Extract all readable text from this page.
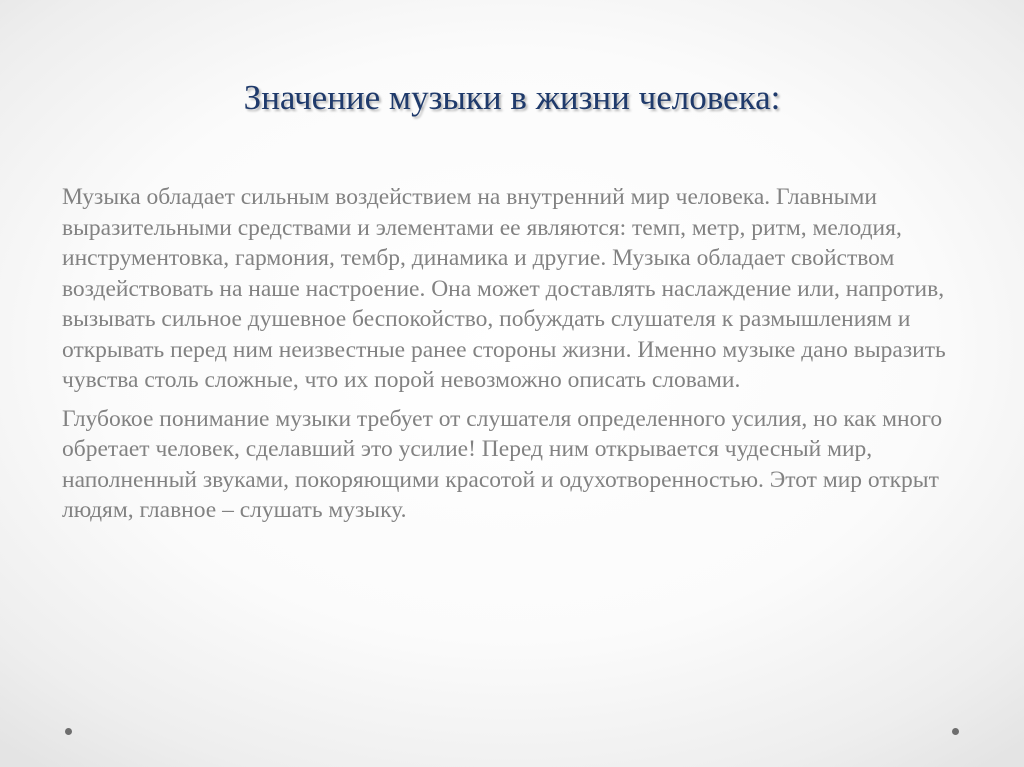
Значение музыки в жизни человека:

Музыка обладает сильным воздействием на внутренний мир человека. Главными выразительными средствами и элементами ее являются: темп, метр, ритм, мелодия, инструментовка, гармония, тембр, динамика и другие. Музыка обладает свойством воздействовать на наше настроение. Она может доставлять наслаждение или, напротив, вызывать сильное душевное беспокойство, побуждать слушателя к размышлениям и открывать перед ним неизвестные ранее стороны жизни. Именно музыке дано выразить чувства столь сложные, что их порой невозможно описать словами.

Глубокое понимание музыки требует от слушателя определенного усилия, но как много обретает человек, сделавший это усилие! Перед ним открывается чудесный мир, наполненный звуками, покоряющими красотой и одухотворенностью. Этот мир открыт людям, главное – слушать музыку.
